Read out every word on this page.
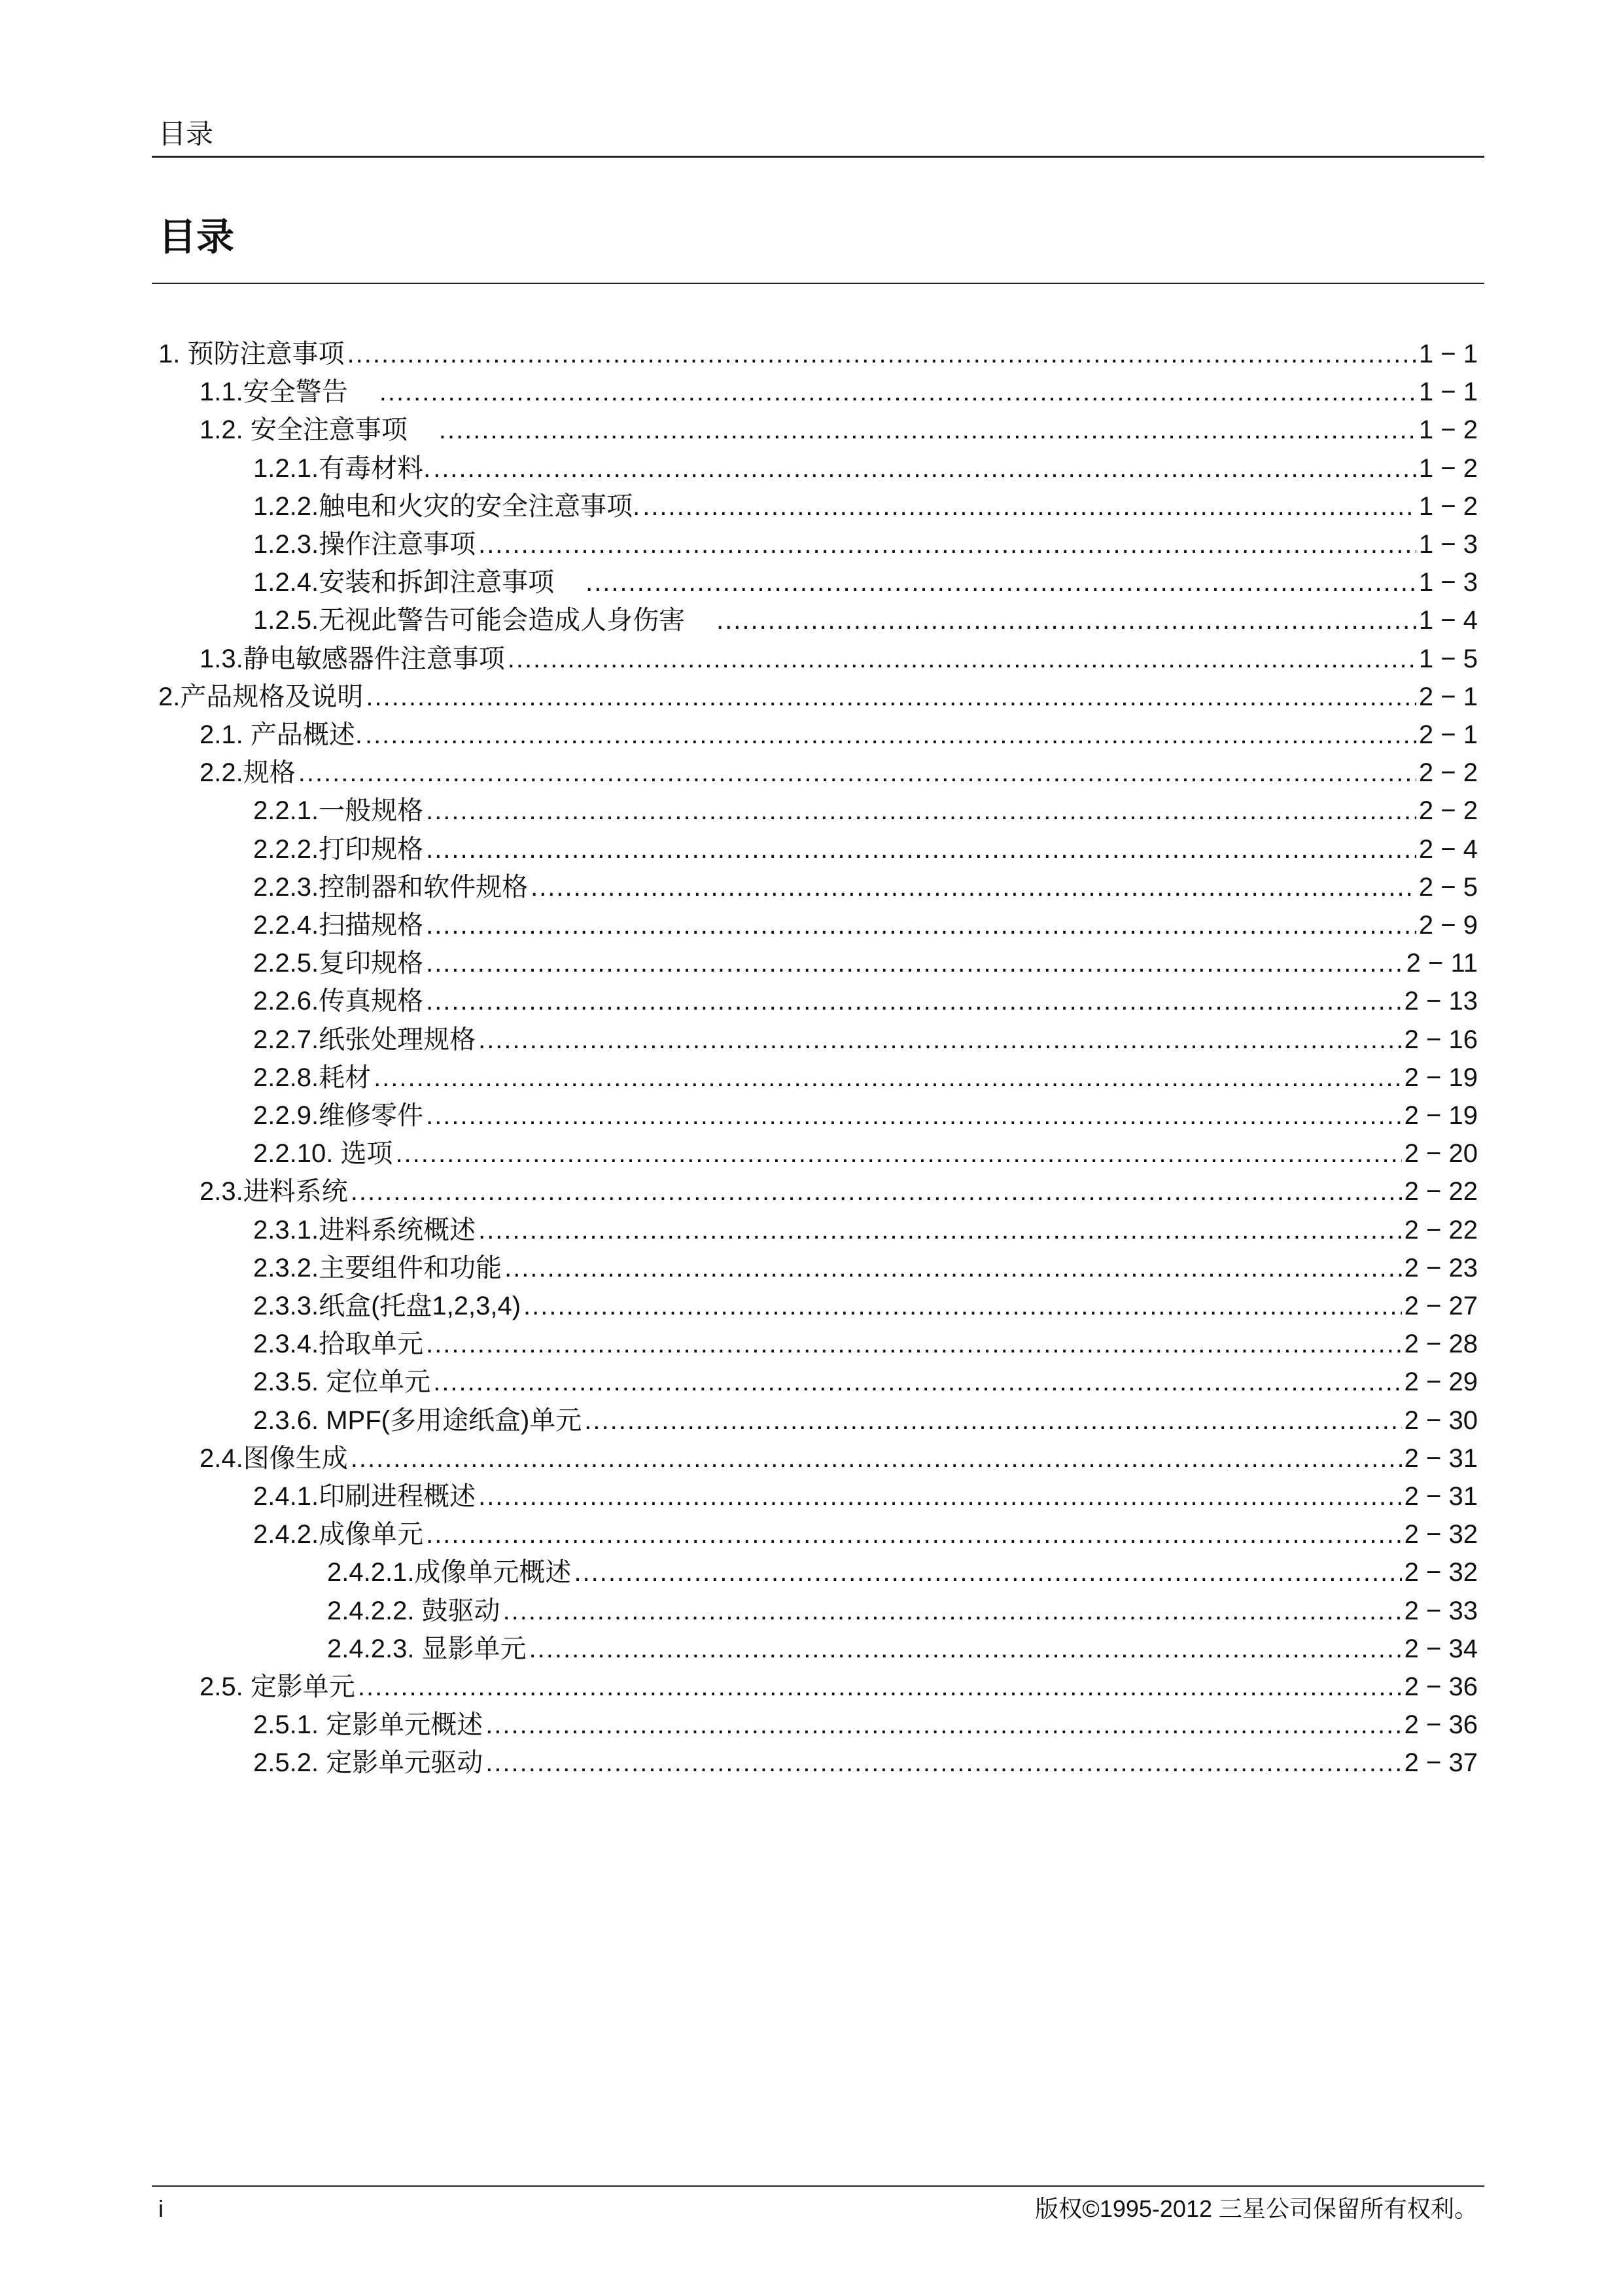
目录
目录
1. 预防注意事项 .....	1 − 1
1.1.安全警告 .....	1 − 1
1.2. 安全注意事项 .....	1 − 2
1.2.1.有毒材料. .....	1 − 2
1.2.2.触电和火灾的安全注意事项. .....	1 − 2
1.2.3.操作注意事项 .....	1 − 3
1.2.4.安装和拆卸注意事项 .....	1 − 3
1.2.5.无视此警告可能会造成人身伤害 .....	1 − 4
1.3.静电敏感器件注意事项 .....	1 − 5
2.产品规格及说明 .....	2 − 1
2.1. 产品概述. .....	2 − 1
2.2.规格 .....	2 − 2
2.2.1.一般规格 .....	2 − 2
2.2.2.打印规格 .....	2 − 4
2.2.3.控制器和软件规格 .....	2 − 5
2.2.4.扫描规格 .....	2 − 9
2.2.5.复印规格 .....	2 − 11
2.2.6.传真规格 .....	2 − 13
2.2.7.纸张处理规格 .....	2 − 16
2.2.8.耗材 .....	2 − 19
2.2.9.维修零件 .....	2 − 19
2.2.10. 选项 .....	2 − 20
2.3.进料系统 .....	2 − 22
2.3.1.进料系统概述 .....	2 − 22
2.3.2.主要组件和功能 .....	2 − 23
2.3.3.纸盒(托盘1,2,3,4) .....	2 − 27
2.3.4.拾取单元 .....	2 − 28
2.3.5. 定位单元 .....	2 − 29
2.3.6. MPF(多用途纸盒)单元 .....	2 − 30
2.4.图像生成 .....	2 − 31
2.4.1.印刷进程概述 .....	2 − 31
2.4.2.成像单元 .....	2 − 32
2.4.2.1.成像单元概述 .....	2 − 32
2.4.2.2. 鼓驱动 .....	2 − 33
2.4.2.3. 显影单元 .....	2 − 34
2.5. 定影单元 .....	2 − 36
2.5.1. 定影单元概述 .....	2 − 36
2.5.2. 定影单元驱动 .....	2 − 37
i	版权©1995-2012 三星公司保留所有权利。
